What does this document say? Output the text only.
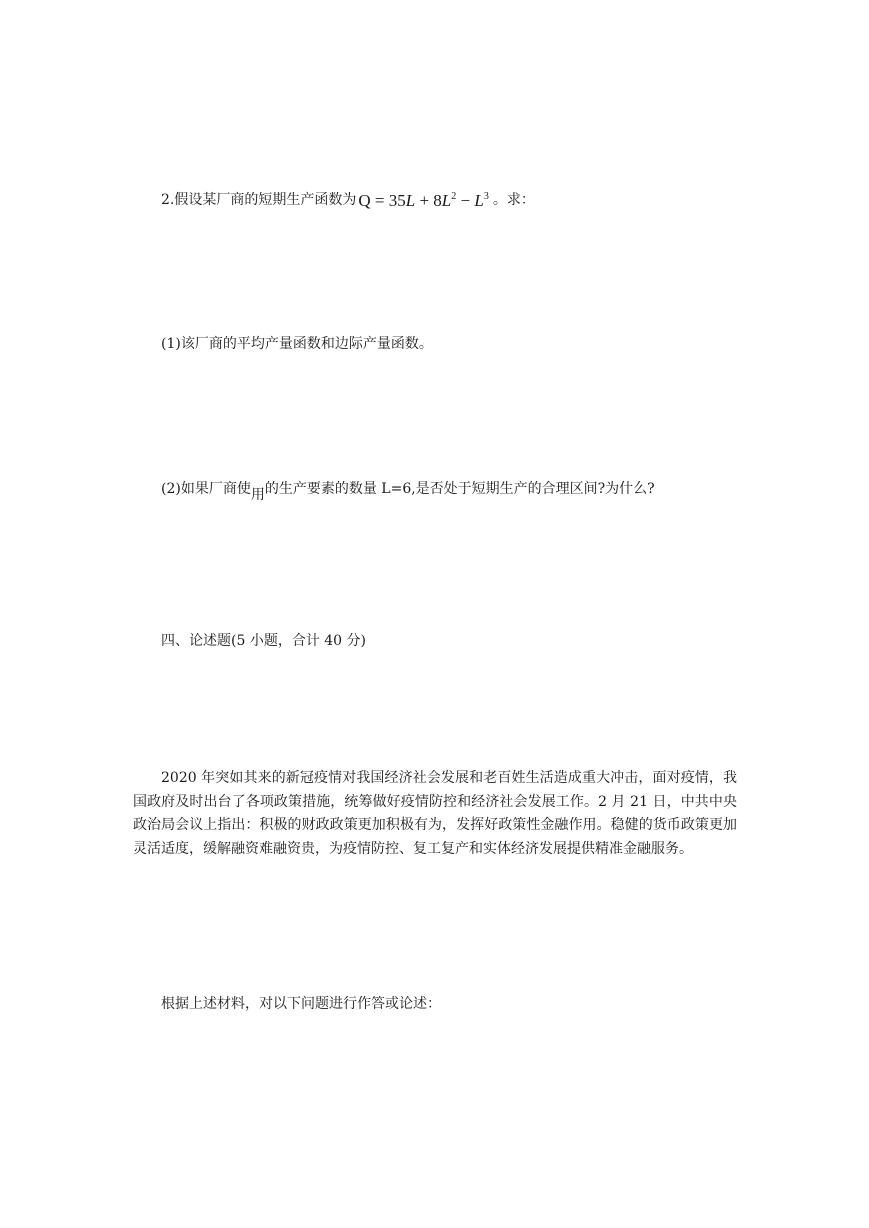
2.假设某厂商的短期生产函数为 $Q = 35L + 8L^2 - L^3$ 。求：
(1)该厂商的平均产量函数和边际产量函数。
(2)如果厂商使用的生产要素的数量 L=6,是否处于短期生产的合理区间?为什么?
四、论述题(5 小题，合计 40 分)
2020 年突如其来的新冠疫情对我国经济社会发展和老百姓生活造成重大冲击，面对疫情，我国政府及时出台了各项政策措施，统筹做好疫情防控和经济社会发展工作。2 月 21 日，中共中央政治局会议上指出：积极的财政政策更加积极有为，发挥好政策性金融作用。稳健的货币政策更加灵活适度，缓解融资难融资贵，为疫情防控、复工复产和实体经济发展提供精准金融服务。
根据上述材料，对以下问题进行作答或论述：
